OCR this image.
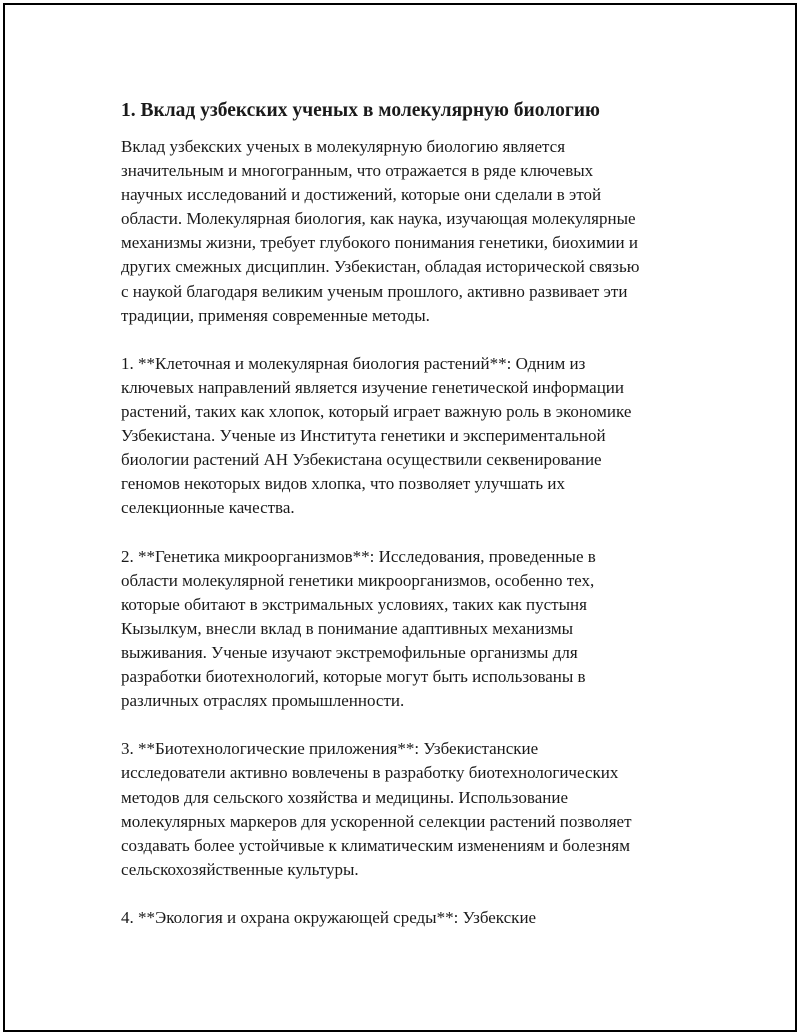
1. Вклад узбекских ученых в молекулярную биологию

Вклад узбекских ученых в молекулярную биологию является
значительным и многогранным, что отражается в ряде ключевых
научных исследований и достижений, которые они сделали в этой
области. Молекулярная биология, как наука, изучающая молекулярные
механизмы жизни, требует глубокого понимания генетики, биохимии и
других смежных дисциплин. Узбекистан, обладая исторической связью
с наукой благодаря великим ученым прошлого, активно развивает эти
традиции, применяя современные методы.

1. **Клеточная и молекулярная биология растений**: Одним из
ключевых направлений является изучение генетической информации
растений, таких как хлопок, который играет важную роль в экономике
Узбекистана. Ученые из Института генетики и экспериментальной
биологии растений АН Узбекистана осуществили секвенирование
геномов некоторых видов хлопка, что позволяет улучшать их
селекционные качества.

2. **Генетика микроорганизмов**: Исследования, проведенные в
области молекулярной генетики микроорганизмов, особенно тех,
которые обитают в экстримальных условиях, таких как пустыня
Кызылкум, внесли вклад в понимание адаптивных механизмы
выживания. Ученые изучают экстремофильные организмы для
разработки биотехнологий, которые могут быть использованы в
различных отраслях промышленности.

3. **Биотехнологические приложения**: Узбекистанские
исследователи активно вовлечены в разработку биотехнологических
методов для сельского хозяйства и медицины. Использование
молекулярных маркеров для ускоренной селекции растений позволяет
создавать более устойчивые к климатическим изменениям и болезням
сельскохозяйственные культуры.

4. **Экология и охрана окружающей среды**: Узбекские
